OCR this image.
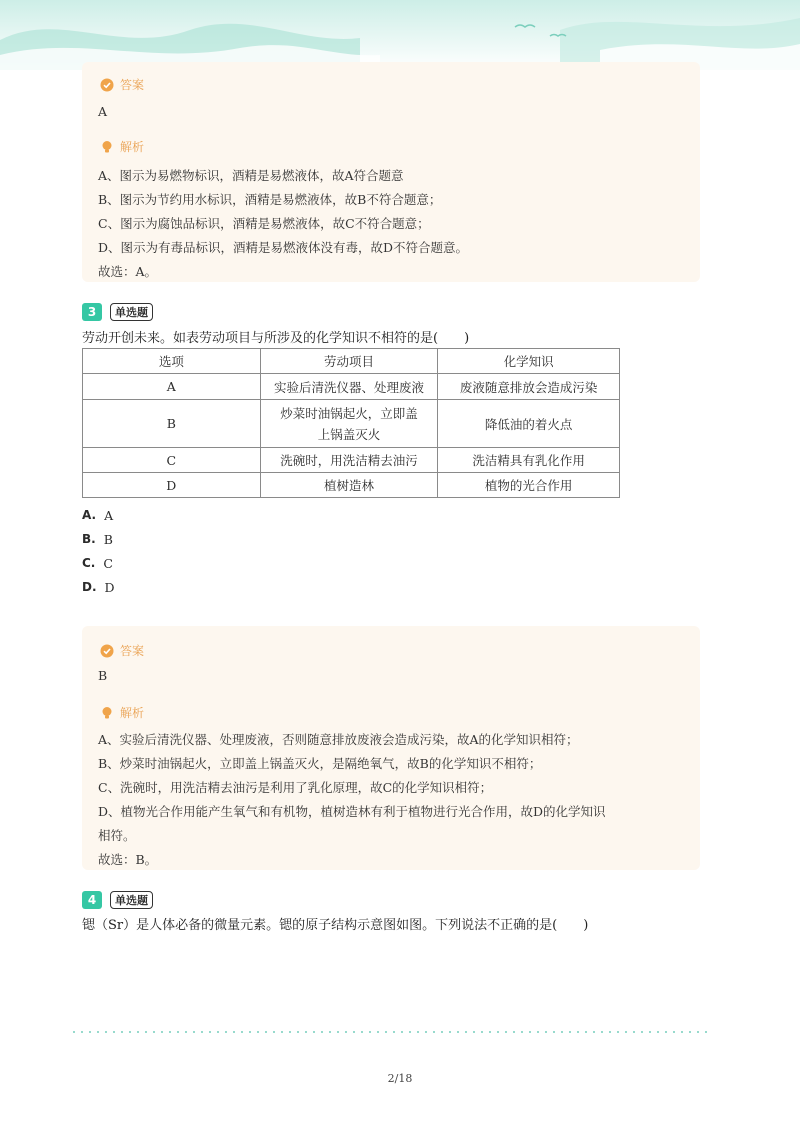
答案
A
解析
A、图示为易燃物标识，酒精是易燃液体，故A符合题意
B、图示为节约用水标识，酒精是易燃液体，故B不符合题意；
C、图示为腐蚀品标识，酒精是易燃液体，故C不符合题意；
D、图示为有毒品标识，酒精是易燃液体没有毒，故D不符合题意。
故选：A。
3	单选题
劳动开创未来。如表劳动项目与所涉及的化学知识不相符的是(　　)
选项	劳动项目	化学知识
A	实验后清洗仪器、处理废液	废液随意排放会造成污染
B	炒菜时油锅起火，立即盖上锅盖灭火	降低油的着火点
C	洗碗时，用洗洁精去油污	洗洁精具有乳化作用
D	植树造林	植物的光合作用
A. A
B. B
C. C
D. D
答案
B
解析
A、实验后清洗仪器、处理废液，否则随意排放废液会造成污染，故A的化学知识相符；
B、炒菜时油锅起火，立即盖上锅盖灭火，是隔绝氧气，故B的化学知识不相符；
C、洗碗时，用洗洁精去油污是利用了乳化原理，故C的化学知识相符；
D、植物光合作用能产生氧气和有机物，植树造林有利于植物进行光合作用，故D的化学知识
相符。
故选：B。
4	单选题
锶（Sr）是人体必备的微量元素。锶的原子结构示意图如图。下列说法不正确的是(　　)
2/18
